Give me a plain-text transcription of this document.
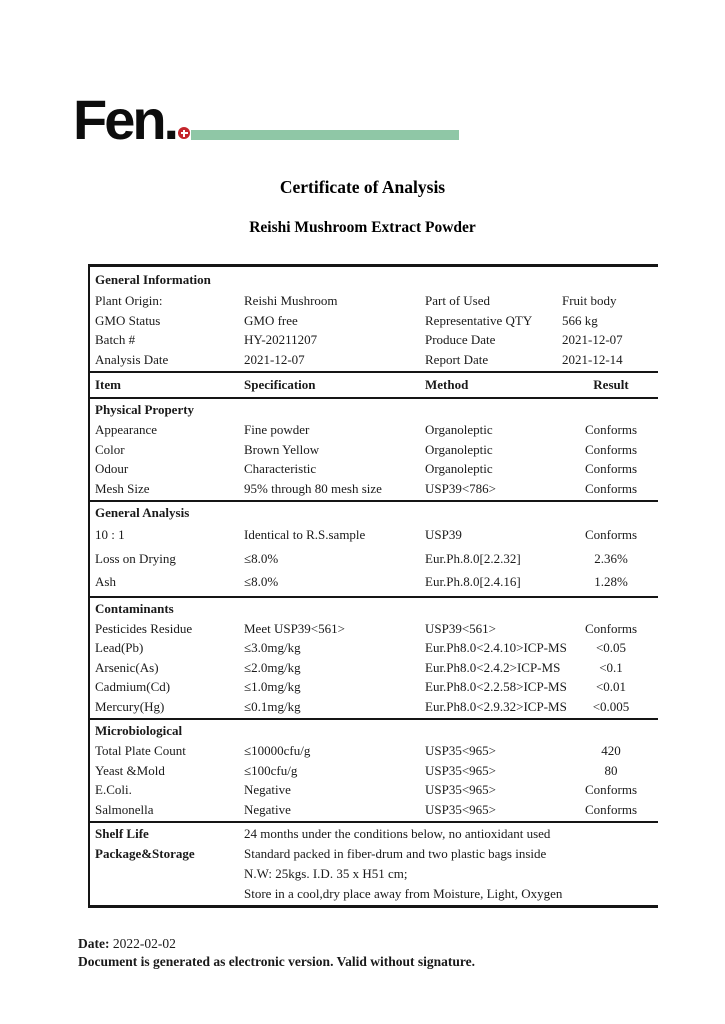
Fen.
Certificate of Analysis
Reishi Mushroom Extract Powder
General Information
Plant Origin:	Reishi Mushroom	Part of Used	Fruit body
GMO Status	GMO free	Representative QTY	566 kg
Batch #	HY-20211207	Produce Date	2021-12-07
Analysis Date	2021-12-07	Report Date	2021-12-14
Item	Specification	Method	Result
Physical Property
Appearance	Fine powder	Organoleptic	Conforms
Color	Brown Yellow	Organoleptic	Conforms
Odour	Characteristic	Organoleptic	Conforms
Mesh Size	95% through 80 mesh size	USP39<786>	Conforms
General Analysis
10 : 1	Identical to R.S.sample	USP39	Conforms
Loss on Drying	≤8.0%	Eur.Ph.8.0[2.2.32]	2.36%
Ash	≤8.0%	Eur.Ph.8.0[2.4.16]	1.28%
Contaminants
Pesticides Residue	Meet USP39<561>	USP39<561>	Conforms
Lead(Pb)	≤3.0mg/kg	Eur.Ph8.0<2.4.10>ICP-MS	<0.05
Arsenic(As)	≤2.0mg/kg	Eur.Ph8.0<2.4.2>ICP-MS	<0.1
Cadmium(Cd)	≤1.0mg/kg	Eur.Ph8.0<2.2.58>ICP-MS	<0.01
Mercury(Hg)	≤0.1mg/kg	Eur.Ph8.0<2.9.32>ICP-MS	<0.005
Microbiological
Total Plate Count	≤10000cfu/g	USP35<965>	420
Yeast &Mold	≤100cfu/g	USP35<965>	80
E.Coli.	Negative	USP35<965>	Conforms
Salmonella	Negative	USP35<965>	Conforms
Shelf Life	24 months under the conditions below, no antioxidant used
Package&Storage	Standard packed in fiber-drum and two plastic bags inside
N.W: 25kgs. I.D. 35 x H51 cm;
Store in a cool,dry place away from Moisture, Light, Oxygen
Date: 2022-02-02
Document is generated as electronic version. Valid without signature.
